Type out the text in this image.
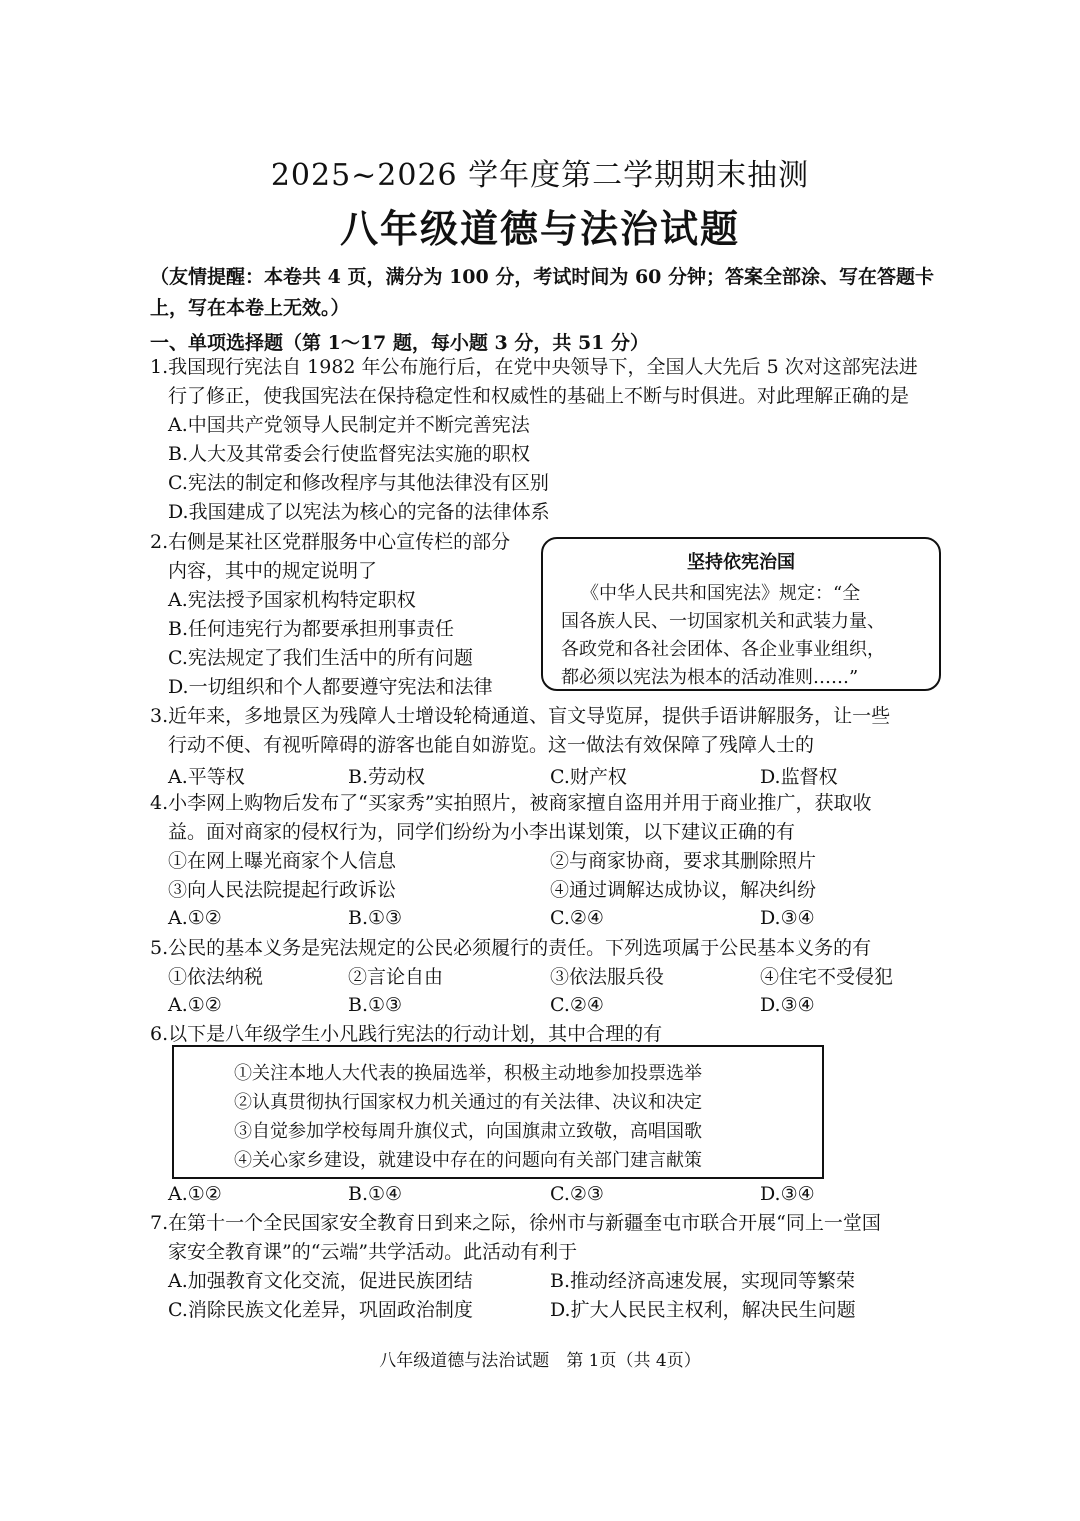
2025~2026 学年度第二学期期末抽测
八年级道德与法治试题
（友情提醒：本卷共 4 页，满分为 100 分，考试时间为 60 分钟；答案全部涂、写在答题卡上，写在本卷上无效。）
一、单项选择题（第 1～17 题，每小题 3 分，共 51 分）
1.我国现行宪法自 1982 年公布施行后，在党中央领导下，全国人大先后 5 次对这部宪法进
行了修正，使我国宪法在保持稳定性和权威性的基础上不断与时俱进。对此理解正确的是
A.中国共产党领导人民制定并不断完善宪法
B.人大及其常委会行使监督宪法实施的职权
C.宪法的制定和修改程序与其他法律没有区别
D.我国建成了以宪法为核心的完备的法律体系
2.右侧是某社区党群服务中心宣传栏的部分
内容，其中的规定说明了
A.宪法授予国家机构特定职权
B.任何违宪行为都要承担刑事责任
C.宪法规定了我们生活中的所有问题
D.一切组织和个人都要遵守宪法和法律
坚持依宪治国
《中华人民共和国宪法》规定：“全
国各族人民、一切国家机关和武装力量、
各政党和各社会团体、各企业事业组织，
都必须以宪法为根本的活动准则……”
3.近年来，多地景区为残障人士增设轮椅通道、盲文导览屏，提供手语讲解服务，让一些
行动不便、有视听障碍的游客也能自如游览。这一做法有效保障了残障人士的
A.平等权	B.劳动权	C.财产权	D.监督权
4.小李网上购物后发布了“买家秀”实拍照片，被商家擅自盗用并用于商业推广，获取收
益。面对商家的侵权行为，同学们纷纷为小李出谋划策，以下建议正确的有
①在网上曝光商家个人信息	②与商家协商，要求其删除照片
③向人民法院提起行政诉讼	④通过调解达成协议，解决纠纷
A.①②	B.①③	C.②④	D.③④
5.公民的基本义务是宪法规定的公民必须履行的责任。下列选项属于公民基本义务的有
①依法纳税	②言论自由	③依法服兵役	④住宅不受侵犯
A.①②	B.①③	C.②④	D.③④
6.以下是八年级学生小凡践行宪法的行动计划，其中合理的有
①关注本地人大代表的换届选举，积极主动地参加投票选举
②认真贯彻执行国家权力机关通过的有关法律、决议和决定
③自觉参加学校每周升旗仪式，向国旗肃立致敬，高唱国歌
④关心家乡建设，就建设中存在的问题向有关部门建言献策
A.①②	B.①④	C.②③	D.③④
7.在第十一个全民国家安全教育日到来之际，徐州市与新疆奎屯市联合开展“同上一堂国
家安全教育课”的“云端”共学活动。此活动有利于
A.加强教育文化交流，促进民族团结	B.推动经济高速发展，实现同等繁荣
C.消除民族文化差异，巩固政治制度	D.扩大人民民主权利，解决民生问题
八年级道德与法治试题　第 1页（共 4页）
